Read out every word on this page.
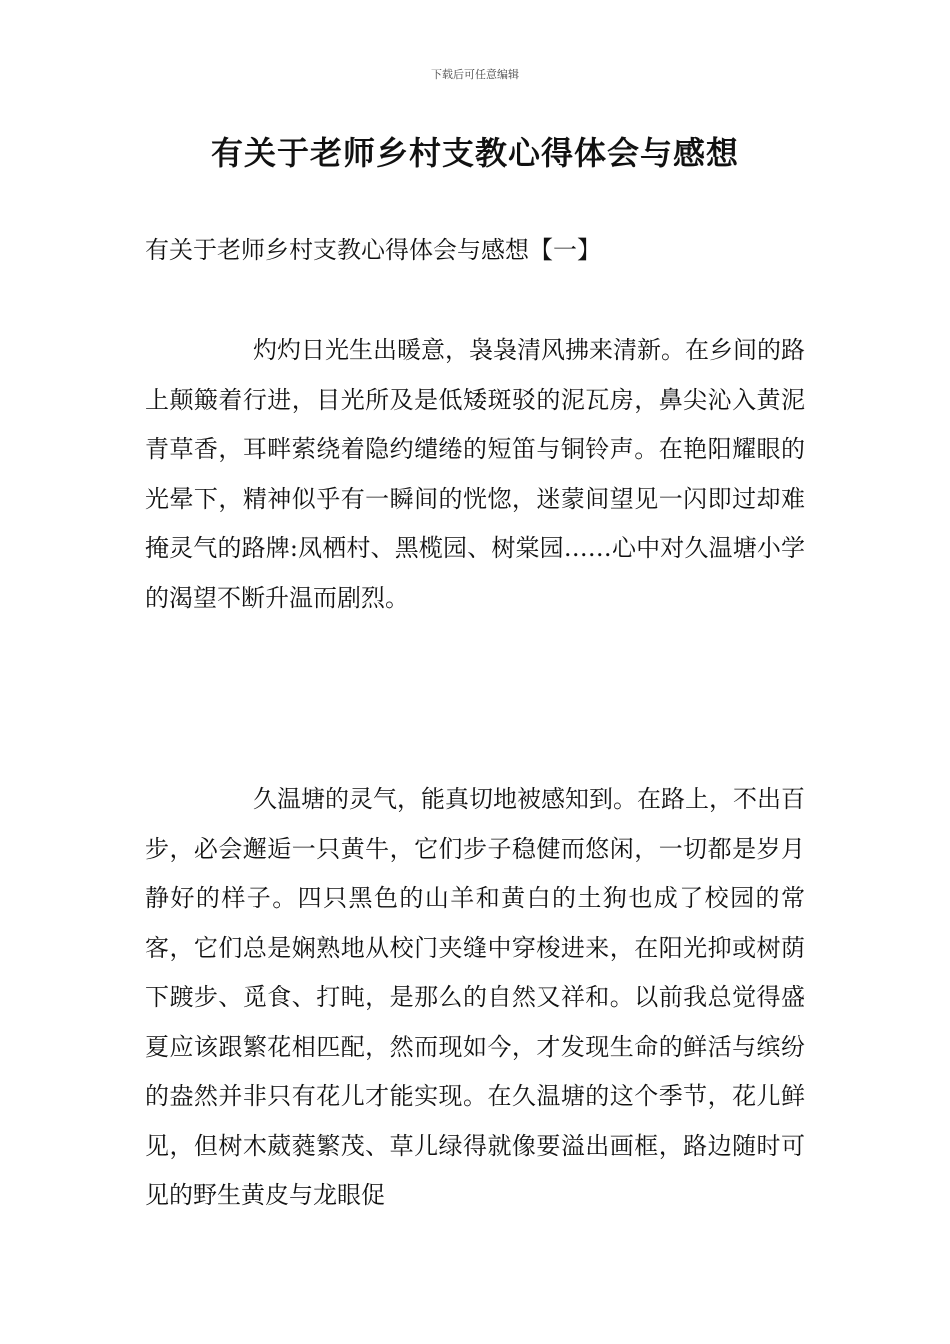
下载后可任意编辑
有关于老师乡村支教心得体会与感想
有关于老师乡村支教心得体会与感想【一】

灼灼日光生出暖意，袅袅清风拂来清新。在乡间的路上颠簸着行进，目光所及是低矮斑驳的泥瓦房，鼻尖沁入黄泥青草香，耳畔萦绕着隐约缱绻的短笛与铜铃声。在艳阳耀眼的光晕下，精神似乎有一瞬间的恍惚，迷蒙间望见一闪即过却难掩灵气的路牌:凤栖村、黑榄园、树棠园……心中对久温塘小学的渴望不断升温而剧烈。

久温塘的灵气，能真切地被感知到。在路上，不出百步，必会邂逅一只黄牛，它们步子稳健而悠闲，一切都是岁月静好的样子。四只黑色的山羊和黄白的土狗也成了校园的常客，它们总是娴熟地从校门夹缝中穿梭进来，在阳光抑或树荫下踱步、觅食、打盹，是那么的自然又祥和。以前我总觉得盛夏应该跟繁花相匹配，然而现如今，才发现生命的鲜活与缤纷的盎然并非只有花儿才能实现。在久温塘的这个季节，花儿鲜见，但树木葳蕤繁茂、草儿绿得就像要溢出画框，路边随时可见的野生黄皮与龙眼促
